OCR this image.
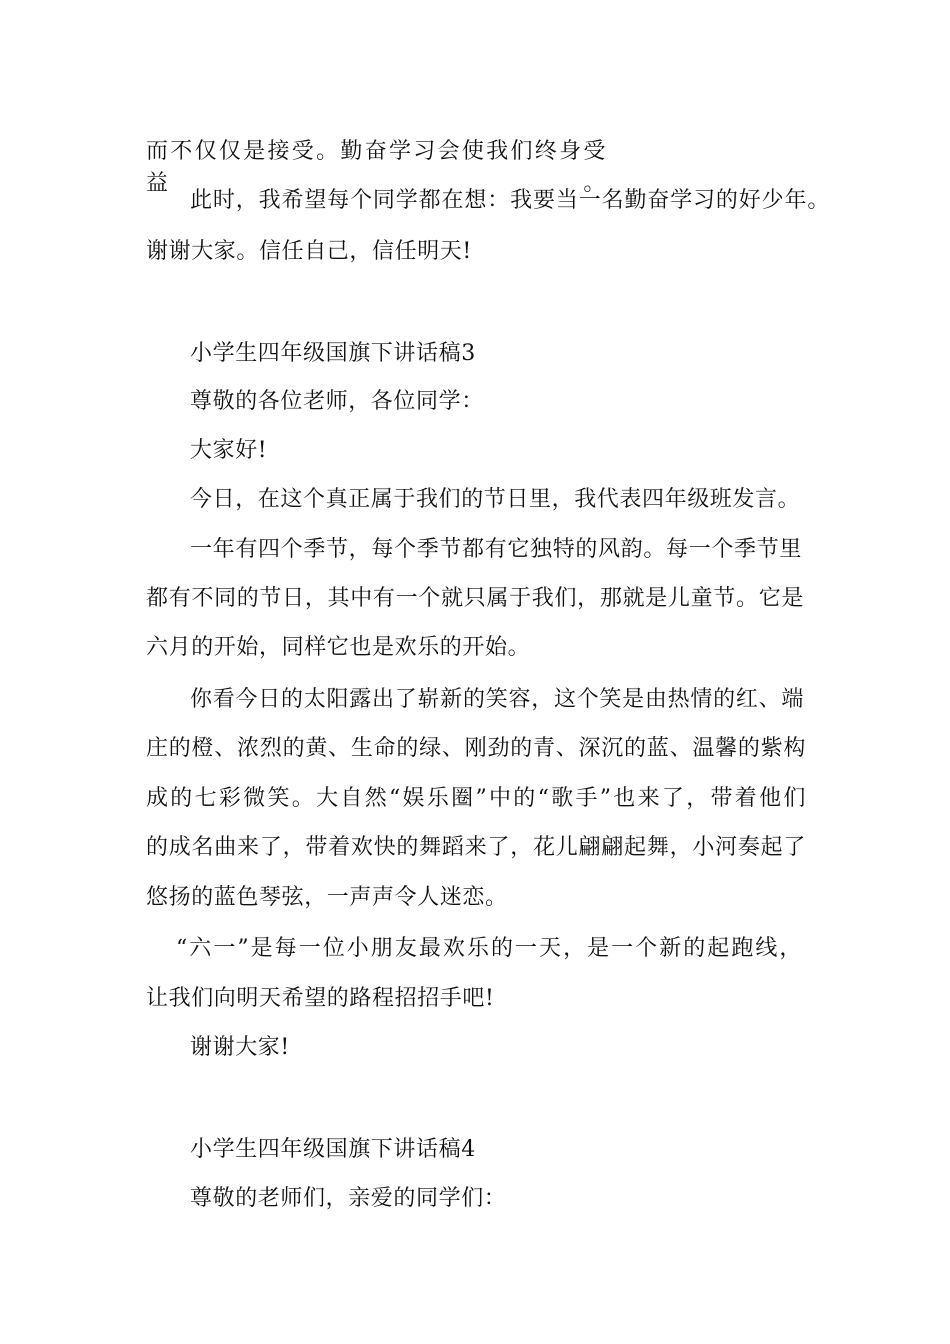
而不仅仅是接受。勤奋学习会使我们终身受益。
此时，我希望每个同学都在想：我要当一名勤奋学习的好少年。
谢谢大家。信任自己，信任明天!
小学生四年级国旗下讲话稿3
尊敬的各位老师，各位同学：
大家好!
今日，在这个真正属于我们的节日里，我代表四年级班发言。
一年有四个季节，每个季节都有它独特的风韵。每一个季节里
都有不同的节日，其中有一个就只属于我们，那就是儿童节。它是
六月的开始，同样它也是欢乐的开始。
你看今日的太阳露出了崭新的笑容，这个笑是由热情的红、端
庄的橙、浓烈的黄、生命的绿、刚劲的青、深沉的蓝、温馨的紫构
成的七彩微笑。大自然“娱乐圈”中的“歌手”也来了，带着他们
的成名曲来了，带着欢快的舞蹈来了，花儿翩翩起舞，小河奏起了
悠扬的蓝色琴弦，一声声令人迷恋。
“六一”是每一位小朋友最欢乐的一天，是一个新的起跑线，
让我们向明天希望的路程招招手吧!
谢谢大家!
小学生四年级国旗下讲话稿4
尊敬的老师们，亲爱的同学们：
